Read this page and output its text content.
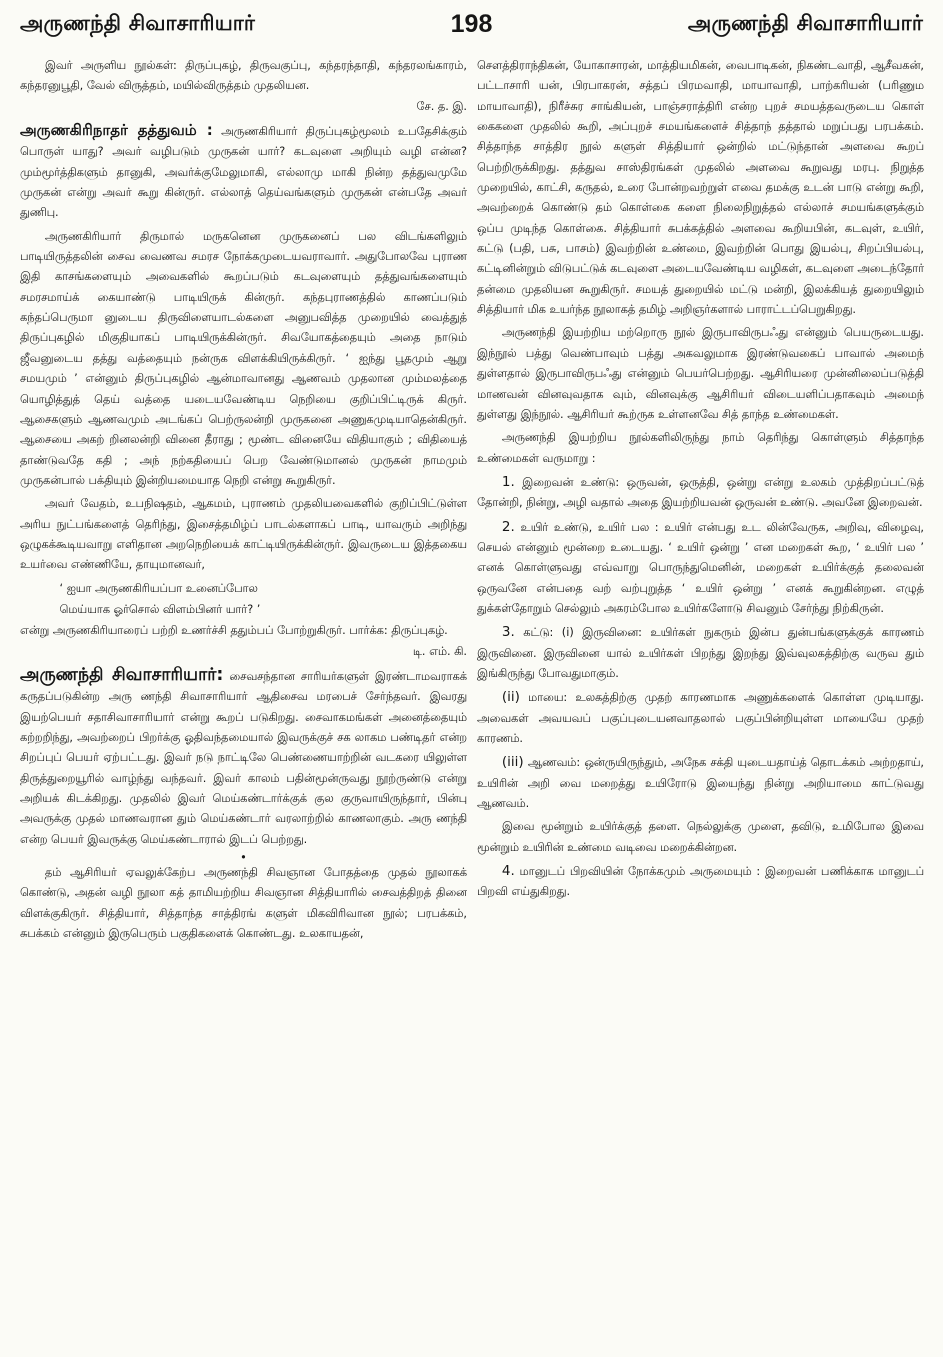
அருணந்தி சிவாசாரியார்	198	அருணந்தி சிவாசாரியார்

இவர் அருளிய நூல்கள்: திருப்புகழ், திருவகுப்பு, கந்தரந்தாதி, கந்தரலங்காரம், கந்தரனுபூதி, வேல் விருத்தம், மயில்விருத்தம் முதலியன.
சே. த. இ.

அருணகிரிநாதர் தத்துவம் : அருணகிரியார் திருப்புகழ்மூலம் உபதேசிக்கும் பொருள் யாது? அவர் வழிபடும் முருகன் யார்? கடவுளை அறியும் வழி என்ன? மும்மூர்த்திகளும் தானுகி, அவர்க்குமேலுமாகி, எல்லாமு மாகி நின்ற தத்துவமுமே முருகன் என்று அவர் கூறு கின்ருர். எல்லாத் தெய்வங்களும் முருகன் என்பதே அவர் துணிபு.

அருணகிரியார் திருமால் மருகனென முருகனைப் பல விடங்களிலும் பாடியிருத்தலின் சைவ வைணவ சமரச நோக்கமுடையவராவார். அதுபோலவே புராண இதி காசங்களையும் அவைகளில் கூறப்படும் கடவுளையும் தத்துவங்களையும் சமரசமாய்க் கையாண்டு பாடியிருக் கின்ருர். கந்தபுராணத்தில் காணப்படும் கந்தப்பெருமா னுடைய திருவிளையாடல்களை அனுபவித்த முறையில் வைத்துத் திருப்புகழில் மிகுதியாகப் பாடியிருக்கின்ருர். சிவயோகத்தையும் அதை நாடும் ஜீவனுடைய தத்து வத்தையும் நன்ருக விளக்கியிருக்கிருர். ‘ ஐந்து பூதமும் ஆறு சமயமும் ’ என்னும் திருப்புகழில் ஆன்மாவானது ஆணவம் முதலான மும்மலத்தை யொழித்துத் தெய் வத்தை யடையவேண்டிய நெறியை குறிப்பிட்டிருக் கிருர். ஆசைகளும் ஆணவமும் அடங்கப் பெற்ருலன்றி முருகனை அணுகமுடியாதென்கிருர். ஆசையை அகற் றினலன்றி வினை தீராது ; மூண்ட வினையே விதியாகும் ; விதியைத் தாண்டுவதே கதி ; அந் நற்கதியைப் பெற வேண்டுமானல் முருகன் நாமமும் முருகன்பால் பக்தியும் இன்றியமையாத நெறி என்று கூறுகிருர்.

அவர் வேதம், உபநிஷதம், ஆகமம், புராணம் முதலியவைகளில் குறிப்பிட்டுள்ள அரிய நுட்பங்களைத் தெரிந்து, இசைத்தமிழ்ப் பாடல்களாகப் பாடி, யாவரும் அறிந்து ஒழுகக்கூடியவாறு எளிதான அறநெறியைக் காட்டியிருக்கின்ருர். இவருடைய இத்தகைய உயர்வை எண்ணியே, தாயுமானவர்,

‘ ஐயா அருணகிரியப்பா உனைப்போல

மெய்யாக ஓர்சொல் விளம்பினர் யார்? ’

என்று அருணகிரியாரைப் பற்றி உணர்ச்சி ததும்பப் போற்றுகிருர். பார்க்க: திருப்புகழ்.
டி. எம். கி.

அருணந்தி சிவாசாரியார்: சைவசந்தான சாரியர்களுள் இரண்டாமவராகக் கருதப்படுகின்ற அரு ணந்தி சிவாசாரியார் ஆதிசைவ மரபைச் சேர்ந்தவர். இவரது இயற்பெயர் சதாசிவாசாரியார் என்று கூறப் படுகிறது. சைவாகமங்கள் அனைத்தையும் கற்றறிந்து, அவற்றைப் பிறர்க்கு ஓதிவந்தமையால் இவருக்குச் சக லாகம பண்டிதர் என்ற சிறப்புப் பெயர் ஏற்பட்டது. இவர் நடு நாட்டிலே பெண்ணையாற்றின் வடகரை யிலுள்ள திருத்துறையூரில் வாழ்ந்து வந்தவர். இவர் காலம் பதின்மூன்ருவது நூற்ருண்டு என்று அறியக் கிடக்கிறது. முதலில் இவர் மெய்கண்டார்க்குக் குல குருவாயிருந்தார், பின்பு அவருக்கு முதல் மாணவரான தும் மெய்கண்டார் வரலாற்றில் காணலாகும். அரு ணந்தி என்ற பெயர் இவருக்கு மெய்கண்டாரால் இடப் பெற்றது.

•

தம் ஆசிரியர் ஏவலுக்கேற்ப அருணந்தி சிவஞான போதத்தை முதல் நூலாகக் கொண்டு, அதன் வழி நூலா கத் தாமியற்றிய சிவஞான சித்தியாரில் சைவத்திறத் தினை விளக்குகிருர். சித்தியார், சித்தாந்த சாத்திரங் களுள் மிகவிரிவான நூல்; பரபக்கம், சுபக்கம் என்னும் இருபெரும் பகுதிகளைக் கொண்டது. உலகாயதன்,

சௌத்திராந்திகன், யோகாசாரன், மாத்தியமிகன், வைபாடிகன், நிகண்டவாதி, ஆசீவகன், பட்டாசாரி யன், பிரபாகரன், சத்தப் பிரமவாதி, மாயாவாதி, பாற்கரியன் (பரிணும மாயாவாதி), நிரீச்சுர சாங்கியன், பாஞ்சராத்திரி என்ற புறச் சமயத்தவருடைய கொள் கைகளை முதலில் கூறி, அப்புறச் சமயங்களைச் சித்தாந் தத்தால் மறுப்பது பரபக்கம். சித்தாந்த சாத்திர நூல் களுள் சித்தியார் ஒன்றில் மட்டுந்தான் அளவை கூறப் பெற்றிருக்கிறது. தத்துவ சாஸ்திரங்கள் முதலில் அளவை கூறுவது மரபு. நிறுத்த முறையில், காட்சி, கருதல், உரை போன்றவற்றுள் எவை தமக்கு உடன் பாடு என்று கூறி, அவற்றைக் கொண்டு தம் கொள்கை களை நிலைநிறுத்தல் எல்லாச் சமயங்களுக்கும் ஒப்ப முடிந்த கொள்கை. சித்தியார் சுபக்கத்தில் அளவை கூறியபின், கடவுள், உயிர், கட்டு (பதி, பசு, பாசம்) இவற்றின் உண்மை, இவற்றின் பொது இயல்பு, சிறப்பியல்பு, கட்டினின்றும் விடுபட்டுக் கடவுளை அடையவேண்டிய வழிகள், கடவுளை அடைந்தோர் தன்மை முதலியன கூறுகிருர். சமயத் துறையில் மட்டு மன்றி, இலக்கியத் துறையிலும் சித்தியார் மிக உயர்ந்த நூலாகத் தமிழ் அறிஞர்களால் பாராட்டப்பெறுகிறது.

அருணந்தி இயற்றிய மற்றொரு நூல் இருபாவிருபஃது என்னும் பெயருடையது. இந்நூல் பத்து வெண்பாவும் பத்து அகவலுமாக இரண்டுவகைப் பாவால் அமைந் துள்ளதால் இருபாவிருபஃது என்னும் பெயர்பெற்றது. ஆசிரியரை முன்னிலைப்படுத்தி மாணவன் வினவுவதாக வும், வினவுக்கு ஆசிரியர் விடையளிப்பதாகவும் அமைந் துள்ளது இந்நூல். ஆசிரியர் கூற்ருக உள்ளனவே சித் தாந்த உண்மைகள்.

அருணந்தி இயற்றிய நூல்களிலிருந்து நாம் தெரிந்து கொள்ளும் சித்தாந்த உண்மைகள் வருமாறு :

1. இறைவன் உண்டு: ஒருவன், ஒருத்தி, ஒன்று என்று உலகம் முத்திறப்பட்டுத் தோன்றி, நின்று, அழி வதால் அதை இயற்றியவன் ஒருவன் உண்டு. அவனே இறைவன்.

2. உயிர் உண்டு, உயிர் பல : உயிர் என்பது உட லின்வேருக, அறிவு, விழைவு, செயல் என்னும் மூன்றை உடையது. ‘ உயிர் ஒன்று ’ என மறைகள் கூற, ‘ உயிர் பல ’ எனக் கொள்ளுவது எவ்வாறு பொருந்துமெனின், மறைகள் உயிர்க்குத் தலைவன் ஒருவனே என்பதை வற் வற்புறுத்த ‘ உயிர் ஒன்று ’ எனக் கூறுகின்றன. எழுத் துக்கள்தோறும் செல்லும் அகரம்போல உயிர்களோடு சிவனும் சேர்ந்து நிற்கிருன்.

3. கட்டு: (i) இருவினை: உயிர்கள் நுகரும் இன்ப துன்பங்களுக்குக் காரணம் இருவினை. இருவினை யால் உயிர்கள் பிறந்து இறந்து இவ்வுலகத்திற்கு வருவ தும் இங்கிருந்து போவதுமாகும்.

(ii) மாயை: உலகத்திற்கு முதற் காரணமாக அணுக்களைக் கொள்ள முடியாது. அவைகள் அவயவப் பகுப்புடையனவாதலால் பகுப்பின்றியுள்ள மாயையே முதற் காரணம்.

(iii) ஆணவம்: ஒன்ருயிருந்தும், அநேக சக்தி யுடையதாய்த் தொடக்கம் அற்றதாய், உயிரின் அறி வை மறைத்து உயிரோடு இயைந்து நின்று அறியாமை காட்டுவது ஆணவம்.

இவை மூன்றும் உயிர்க்குத் தளை. நெல்லுக்கு முளை, தவிடு, உமிபோல இவை மூன்றும் உயிரின் உண்மை வடிவை மறைக்கின்றன.

4. மானுடப் பிறவியின் நோக்கமும் அருமையும் : இறைவன் பணிக்காக மானுடப் பிறவி எய்துகிறது.
